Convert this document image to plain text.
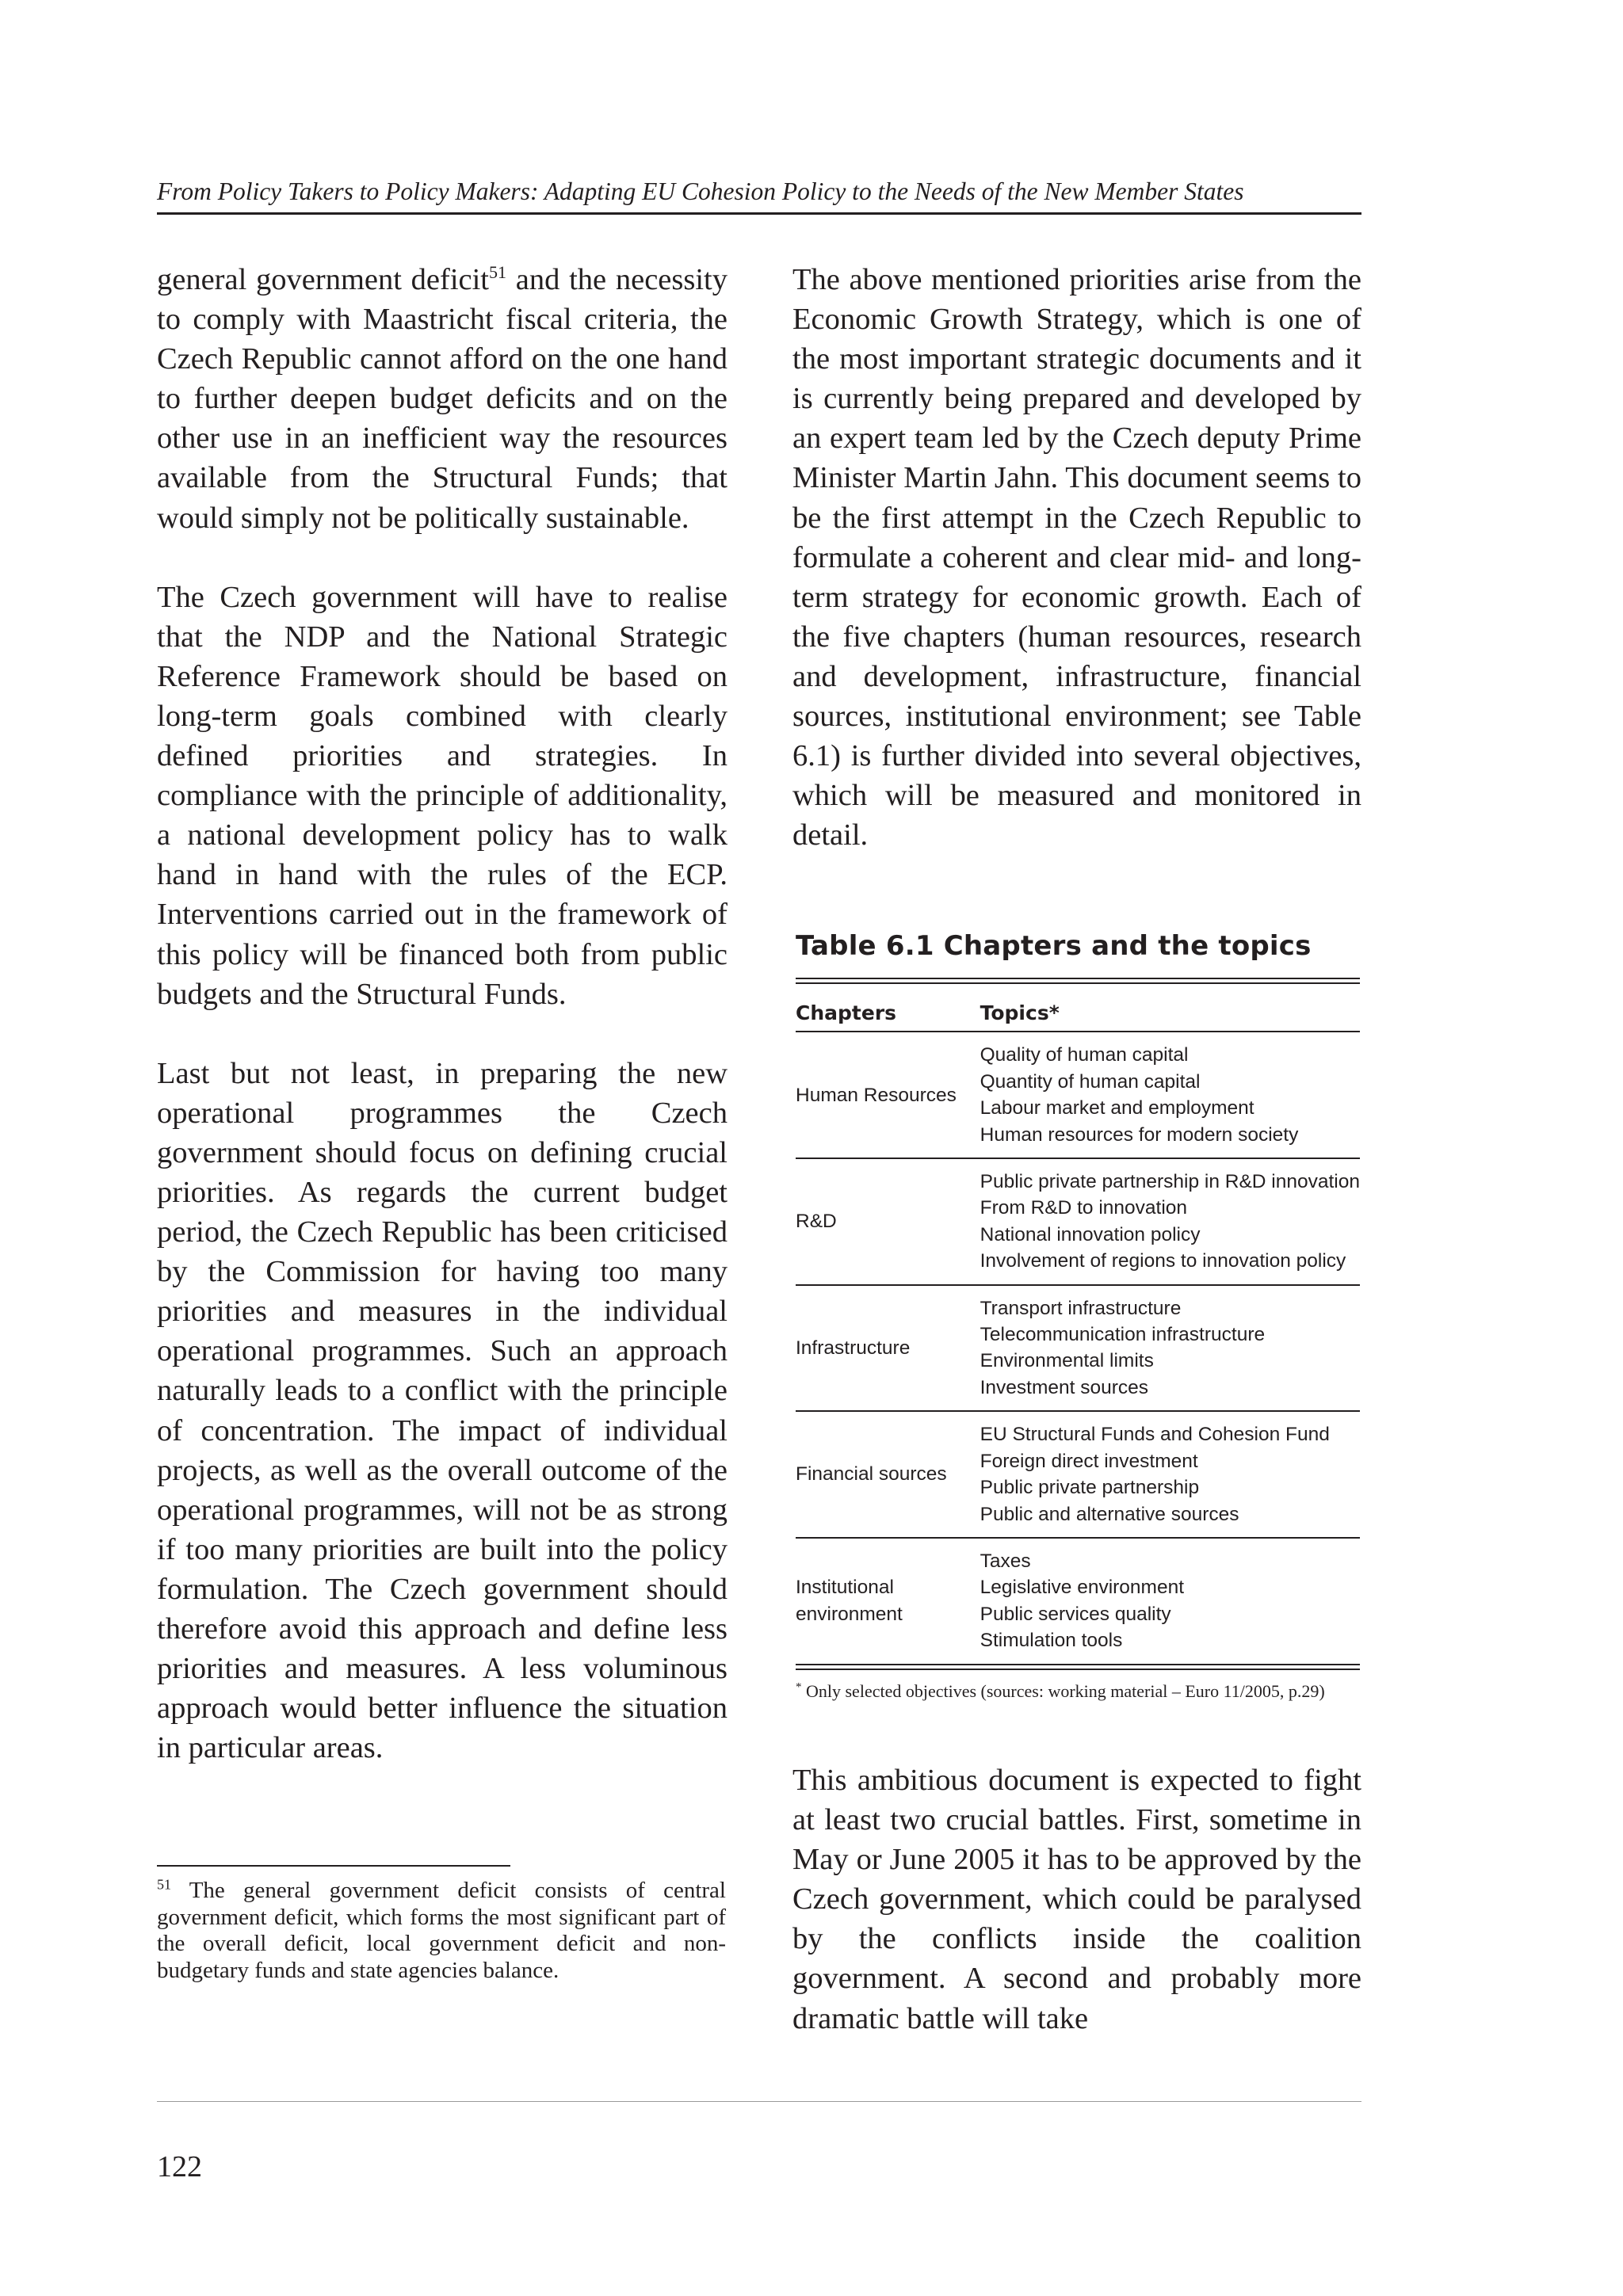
From Policy Takers to Policy Makers: Adapting EU Cohesion Policy to the Needs of the New Member States

general government deficit$^{51}$ and the necessity to comply with Maastricht fiscal criteria, the Czech Republic cannot afford on the one hand to further deepen budget deficits and on the other use in an inefficient way the resources available from the Structural Funds; that would simply not be politically sustainable.

The Czech government will have to realise that the NDP and the National Strategic Reference Framework should be based on long-term goals combined with clearly defined priorities and strategies. In compliance with the principle of additionality, a national development policy has to walk hand in hand with the rules of the ECP. Interventions carried out in the framework of this policy will be financed both from public budgets and the Structural Funds.

Last but not least, in preparing the new operational programmes the Czech government should focus on defining crucial priorities. As regards the current budget period, the Czech Republic has been criticised by the Commission for having too many priorities and measures in the individual operational programmes. Such an approach naturally leads to a conflict with the principle of concentration. The impact of individual projects, as well as the overall outcome of the operational programmes, will not be as strong if too many priorities are built into the policy formulation. The Czech government should therefore avoid this approach and define less priorities and measures. A less voluminous approach would better influence the situation in particular areas.

$^{51}$ The general government deficit consists of central government deficit, which forms the most significant part of the overall deficit, local government deficit and non-budgetary funds and state agencies balance.

The above mentioned priorities arise from the Economic Growth Strategy, which is one of the most important strategic documents and it is currently being prepared and developed by an expert team led by the Czech deputy Prime Minister Martin Jahn. This document seems to be the first attempt in the Czech Republic to formulate a coherent and clear mid- and long-term strategy for economic growth. Each of the five chapters (human resources, research and development, infrastructure, financial sources, institutional environment; see Table 6.1) is further divided into several objectives, which will be measured and monitored in detail.

Table 6.1 Chapters and the topics

Chapters	Topics*
Human Resources	Quality of human capital
Quantity of human capital
Labour market and employment
Human resources for modern society

R&D	Public private partnership in R&D innovation
From R&D to innovation
National innovation policy
Involvement of regions to innovation policy

Infrastructure	Transport infrastructure
Telecommunication infrastructure
Environmental limits
Investment sources

Financial sources	EU Structural Funds and Cohesion Fund
Foreign direct investment
Public private partnership
Public and alternative sources

Institutional environment	Taxes
Legislative environment
Public services quality
Stimulation tools

* Only selected objectives (sources: working material – Euro 11/2005, p.29)

This ambitious document is expected to fight at least two crucial battles. First, sometime in May or June 2005 it has to be approved by the Czech government, which could be paralysed by the conflicts inside the coalition government. A second and probably more dramatic battle will take

122
